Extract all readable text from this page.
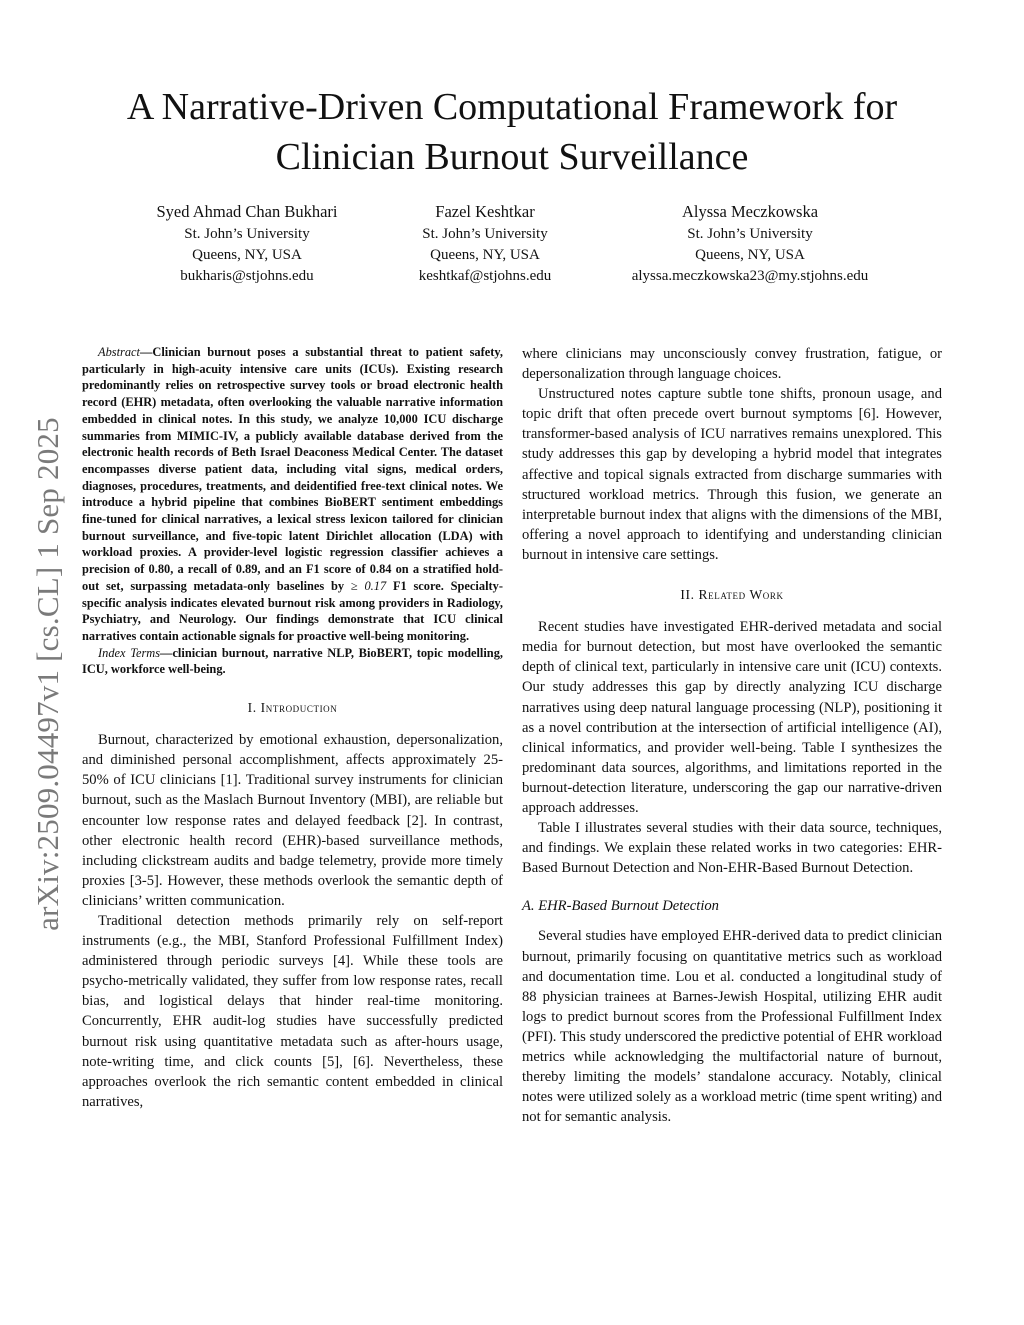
arXiv:2509.04497v1 [cs.CL] 1 Sep 2025
A Narrative-Driven Computational Framework for
Clinician Burnout Surveillance
Syed Ahmad Chan Bukhari
St. John’s University
Queens, NY, USA
bukharis@stjohns.edu
Fazel Keshtkar
St. John’s University
Queens, NY, USA
keshtkaf@stjohns.edu
Alyssa Meczkowska
St. John’s University
Queens, NY, USA
alyssa.meczkowska23@my.stjohns.edu

Abstract—Clinician burnout poses a substantial threat to patient safety, particularly in high-acuity intensive care units (ICUs). Existing research predominantly relies on retrospective survey tools or broad electronic health record (EHR) metadata, often overlooking the valuable narrative information embedded in clinical notes. In this study, we analyze 10,000 ICU discharge summaries from MIMIC-IV, a publicly available database derived from the electronic health records of Beth Israel Deaconess Medical Center. The dataset encompasses diverse patient data, including vital signs, medical orders, diagnoses, procedures, treatments, and deidentified free-text clinical notes. We introduce a hybrid pipeline that combines BioBERT sentiment embeddings fine-tuned for clinical narratives, a lexical stress lexicon tailored for clinician burnout surveillance, and five-topic latent Dirichlet allocation (LDA) with workload proxies. A provider-level logistic regression classifier achieves a precision of 0.80, a recall of 0.89, and an F1 score of 0.84 on a stratified hold-out set, surpassing metadata-only baselines by ≥ 0.17 F1 score. Specialty-specific analysis indicates elevated burnout risk among providers in Radiology, Psychiatry, and Neurology. Our findings demonstrate that ICU clinical narratives contain actionable signals for proactive well-being monitoring.

Index Terms—clinician burnout, narrative NLP, BioBERT, topic modelling, ICU, workforce well-being.

I. Introduction

Burnout, characterized by emotional exhaustion, depersonalization, and diminished personal accomplishment, affects approximately 25-50% of ICU clinicians [1]. Traditional survey instruments for clinician burnout, such as the Maslach Burnout Inventory (MBI), are reliable but encounter low response rates and delayed feedback [2]. In contrast, other electronic health record (EHR)-based surveillance methods, including clickstream audits and badge telemetry, provide more timely proxies [3-5]. However, these methods overlook the semantic depth of clinicians’ written communication.

Traditional detection methods primarily rely on self-report instruments (e.g., the MBI, Stanford Professional Fulfillment Index) administered through periodic surveys [4]. While these tools are psycho-metrically validated, they suffer from low response rates, recall bias, and logistical delays that hinder real-time monitoring. Concurrently, EHR audit-log studies have successfully predicted burnout risk using quantitative metadata such as after-hours usage, note-writing time, and click counts [5], [6]. Nevertheless, these approaches overlook the rich semantic content embedded in clinical narratives,

where clinicians may unconsciously convey frustration, fatigue, or depersonalization through language choices.

Unstructured notes capture subtle tone shifts, pronoun usage, and topic drift that often precede overt burnout symptoms [6]. However, transformer-based analysis of ICU narratives remains unexplored. This study addresses this gap by developing a hybrid model that integrates affective and topical signals extracted from discharge summaries with structured workload metrics. Through this fusion, we generate an interpretable burnout index that aligns with the dimensions of the MBI, offering a novel approach to identifying and understanding clinician burnout in intensive care settings.

II. Related Work

Recent studies have investigated EHR-derived metadata and social media for burnout detection, but most have overlooked the semantic depth of clinical text, particularly in intensive care unit (ICU) contexts. Our study addresses this gap by directly analyzing ICU discharge narratives using deep natural language processing (NLP), positioning it as a novel contribution at the intersection of artificial intelligence (AI), clinical informatics, and provider well-being. Table I synthesizes the predominant data sources, algorithms, and limitations reported in the burnout-detection literature, underscoring the gap our narrative-driven approach addresses.

Table I illustrates several studies with their data source, techniques, and findings. We explain these related works in two categories: EHR-Based Burnout Detection and Non-EHR-Based Burnout Detection.

A. EHR-Based Burnout Detection

Several studies have employed EHR-derived data to predict clinician burnout, primarily focusing on quantitative metrics such as workload and documentation time. Lou et al. conducted a longitudinal study of 88 physician trainees at Barnes-Jewish Hospital, utilizing EHR audit logs to predict burnout scores from the Professional Fulfillment Index (PFI). This study underscored the predictive potential of EHR workload metrics while acknowledging the multifactorial nature of burnout, thereby limiting the models’ standalone accuracy. Notably, clinical notes were utilized solely as a workload metric (time spent writing) and not for semantic analysis.
